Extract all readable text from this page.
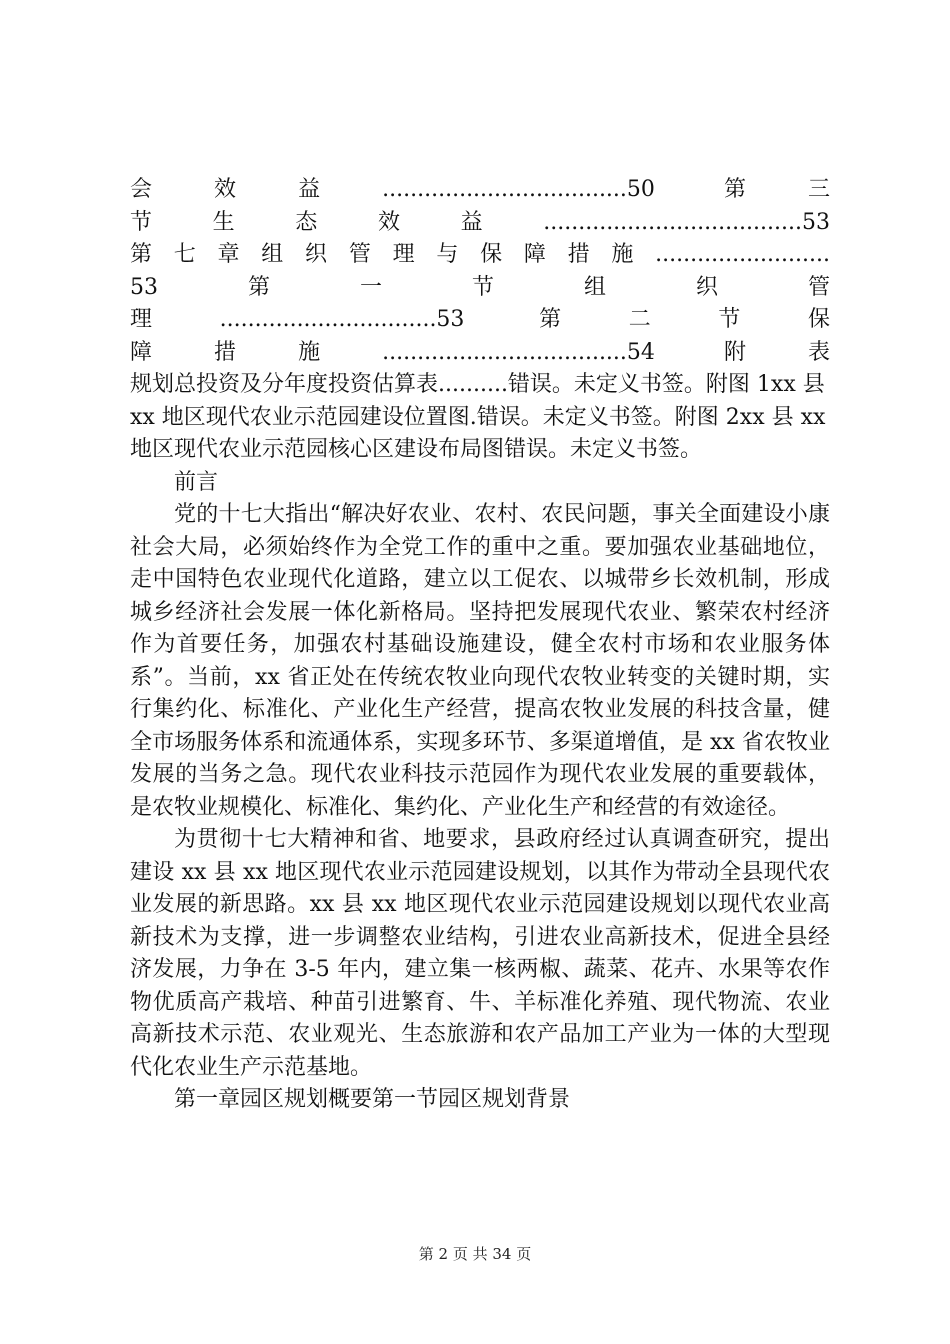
会效益...................................50 第三
节生态效益.....................................53
第七章组织管理与保障措施.........................
53　　第　　一　　节　　组　　织　　管
理...............................53 第二节保
障措施...................................54 附表
规划总投资及分年度投资估算表..........错误。未定义书签。附图 1xx 县 xx 地区现代农业示范园建设位置图.错误。未定义书签。附图 2xx 县 xx 地区现代农业示范园核心区建设布局图错误。未定义书签。

前言

党的十七大指出“解决好农业、农村、农民问题，事关全面建设小康社会大局，必须始终作为全党工作的重中之重。要加强农业基础地位，走中国特色农业现代化道路，建立以工促农、以城带乡长效机制，形成城乡经济社会发展一体化新格局。坚持把发展现代农业、繁荣农村经济作为首要任务，加强农村基础设施建设，健全农村市场和农业服务体系”。当前，xx 省正处在传统农牧业向现代农牧业转变的关键时期，实行集约化、标准化、产业化生产经营，提高农牧业发展的科技含量，健全市场服务体系和流通体系，实现多环节、多渠道增值，是 xx 省农牧业发展的当务之急。现代农业科技示范园作为现代农业发展的重要载体，是农牧业规模化、标准化、集约化、产业化生产和经营的有效途径。

为贯彻十七大精神和省、地要求，县政府经过认真调查研究，提出建设 xx 县 xx 地区现代农业示范园建设规划，以其作为带动全县现代农业发展的新思路。xx 县 xx 地区现代农业示范园建设规划以现代农业高新技术为支撑，进一步调整农业结构，引进农业高新技术，促进全县经济发展，力争在 3-5 年内，建立集一核两椒、蔬菜、花卉、水果等农作物优质高产栽培、种苗引进繁育、牛、羊标准化养殖、现代物流、农业高新技术示范、农业观光、生态旅游和农产品加工产业为一体的大型现代化农业生产示范基地。

第一章园区规划概要第一节园区规划背景

第 2 页 共 34 页
